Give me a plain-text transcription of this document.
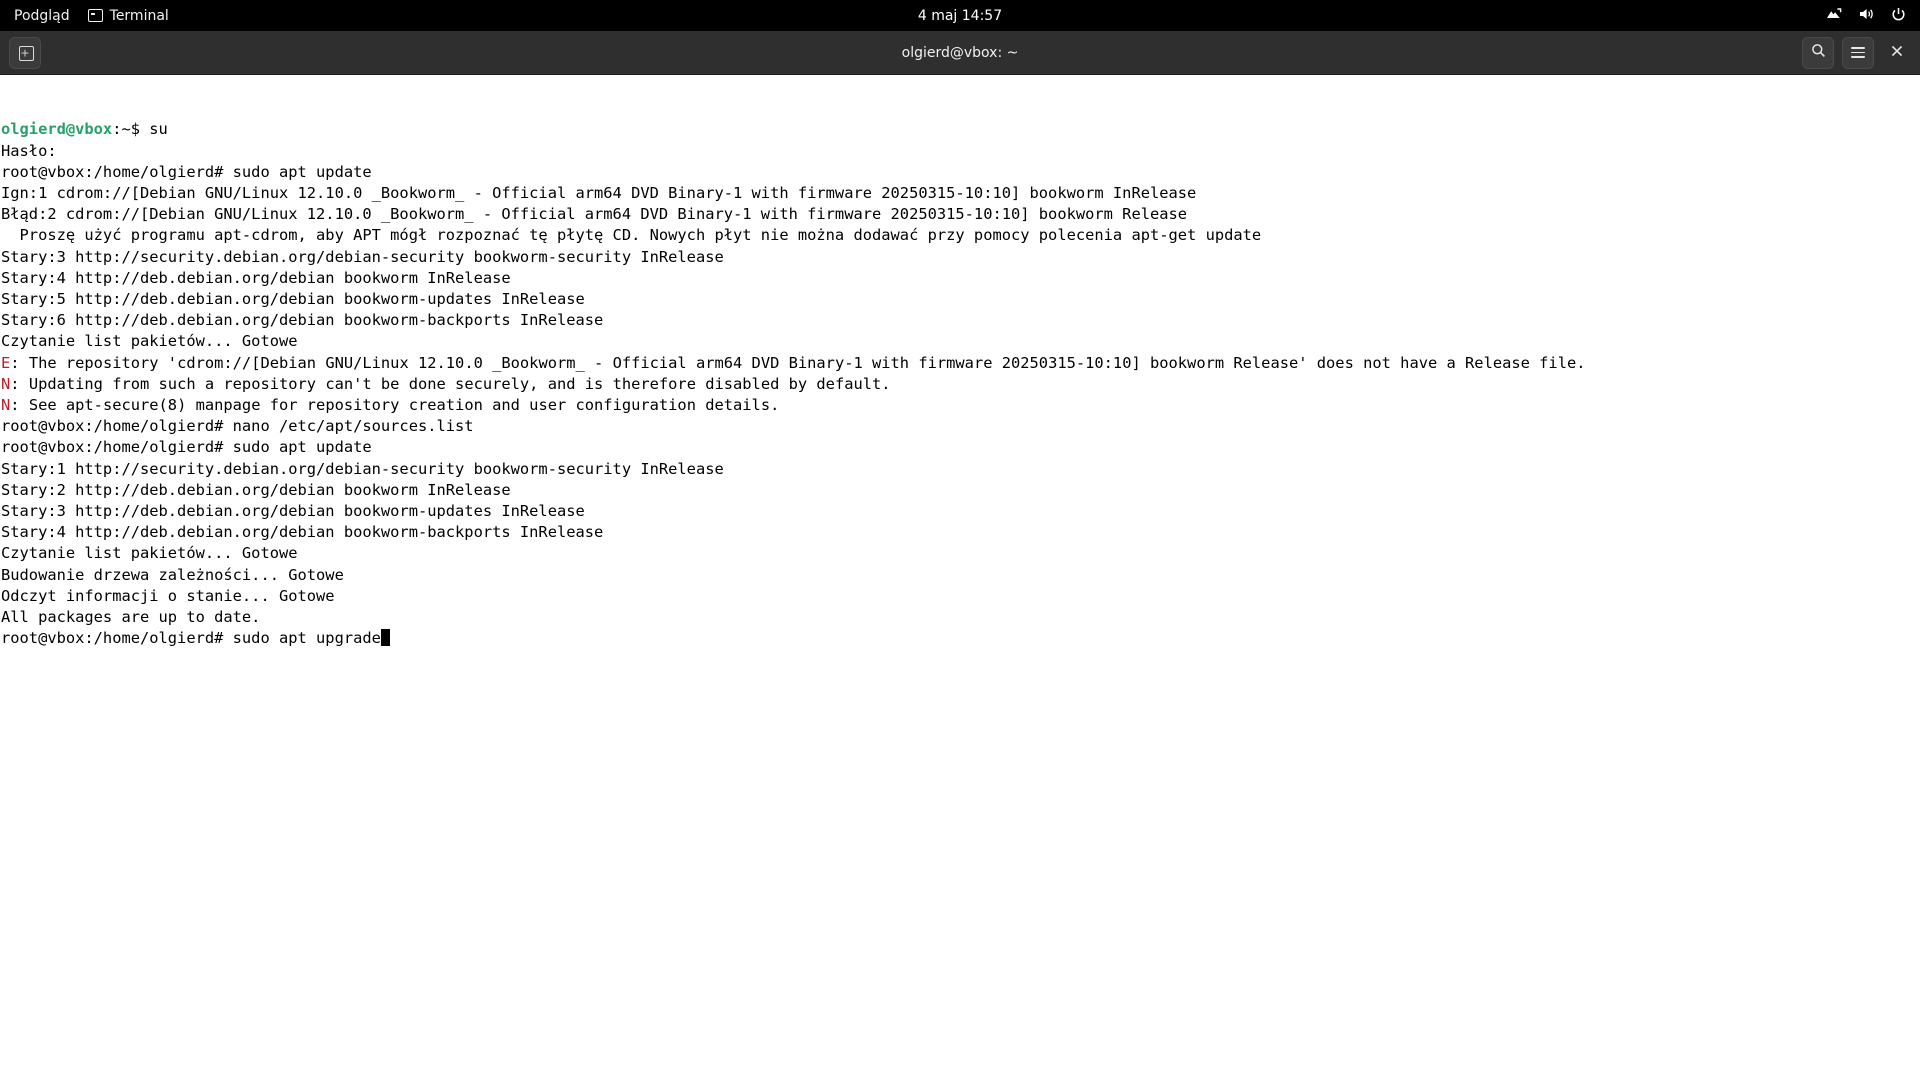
Podgląd	Terminal	4 maj 14:57
+
olgierd@vbox: ~

olgierd@vbox:~$ su
Hasło:
root@vbox:/home/olgierd# sudo apt update
Ign:1 cdrom://[Debian GNU/Linux 12.10.0 _Bookworm_ - Official arm64 DVD Binary-1 with firmware 20250315-10:10] bookworm InRelease
Błąd:2 cdrom://[Debian GNU/Linux 12.10.0 _Bookworm_ - Official arm64 DVD Binary-1 with firmware 20250315-10:10] bookworm Release
Proszę użyć programu apt-cdrom, aby APT mógł rozpoznać tę płytę CD. Nowych płyt nie można dodawać przy pomocy polecenia apt-get update
Stary:3 http://security.debian.org/debian-security bookworm-security InRelease
Stary:4 http://deb.debian.org/debian bookworm InRelease
Stary:5 http://deb.debian.org/debian bookworm-updates InRelease
Stary:6 http://deb.debian.org/debian bookworm-backports InRelease
Czytanie list pakietów... Gotowe
E: The repository 'cdrom://[Debian GNU/Linux 12.10.0 _Bookworm_ - Official arm64 DVD Binary-1 with firmware 20250315-10:10] bookworm Release' does not have a Release file.
N: Updating from such a repository can't be done securely, and is therefore disabled by default.
N: See apt-secure(8) manpage for repository creation and user configuration details.
root@vbox:/home/olgierd# nano /etc/apt/sources.list
root@vbox:/home/olgierd# sudo apt update
Stary:1 http://security.debian.org/debian-security bookworm-security InRelease
Stary:2 http://deb.debian.org/debian bookworm InRelease
Stary:3 http://deb.debian.org/debian bookworm-updates InRelease
Stary:4 http://deb.debian.org/debian bookworm-backports InRelease
Czytanie list pakietów... Gotowe
Budowanie drzewa zależności... Gotowe
Odczyt informacji o stanie... Gotowe
All packages are up to date.
root@vbox:/home/olgierd# sudo apt upgrade
